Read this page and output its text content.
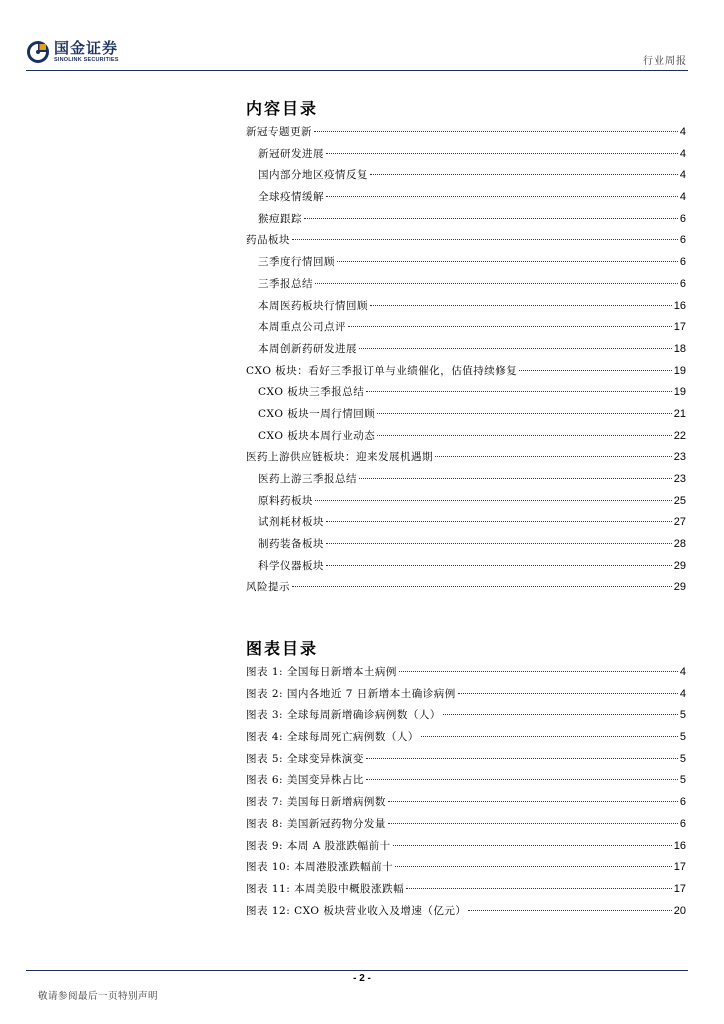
国金证券
SINOLINK SECURITIES	行业周报
内容目录
新冠专题更新	4
新冠研发进展	4
国内部分地区疫情反复	4
全球疫情缓解	4
猴痘跟踪	6
药品板块	6
三季度行情回顾	6
三季报总结	6
本周医药板块行情回顾	16
本周重点公司点评	17
本周创新药研发进展	18
CXO 板块：看好三季报订单与业绩催化，估值持续修复	19
CXO 板块三季报总结	19
CXO 板块一周行情回顾	21
CXO 板块本周行业动态	22
医药上游供应链板块：迎来发展机遇期	23
医药上游三季报总结	23
原料药板块	25
试剂耗材板块	27
制药装备板块	28
科学仪器板块	29
风险提示	29
图表目录
图表 1: 全国每日新增本土病例	4
图表 2: 国内各地近 7 日新增本土确诊病例	4
图表 3: 全球每周新增确诊病例数（人）	5
图表 4: 全球每周死亡病例数（人）	5
图表 5: 全球变异株演变	5
图表 6: 美国变异株占比	5
图表 7: 美国每日新增病例数	6
图表 8: 美国新冠药物分发量	6
图表 9: 本周 A 股涨跌幅前十	16
图表 10: 本周港股涨跌幅前十	17
图表 11: 本周美股中概股涨跌幅	17
图表 12: CXO 板块营业收入及增速（亿元）	20
- 2 -
敬请参阅最后一页特别声明
